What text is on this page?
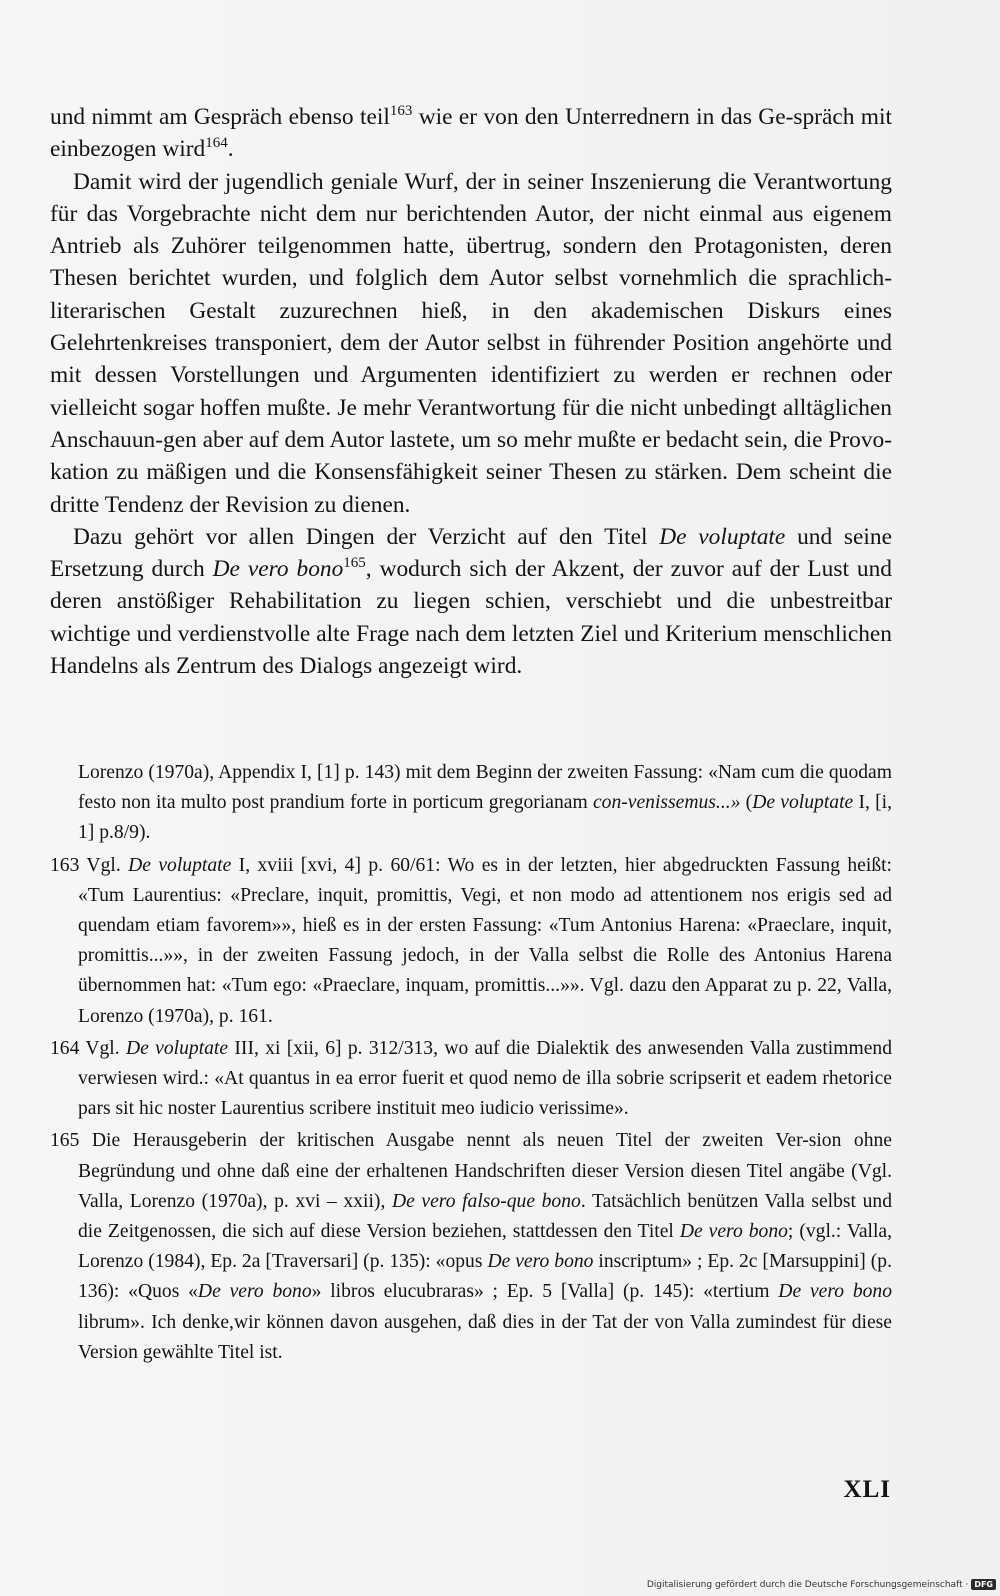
und nimmt am Gespräch ebenso teil$^{163}$ wie er von den Unterrednern in das Ge-spräch mit einbezogen wird$^{164}$.

Damit wird der jugendlich geniale Wurf, der in seiner Inszenierung die Verantwortung für das Vorgebrachte nicht dem nur berichtenden Autor, der nicht einmal aus eigenem Antrieb als Zuhörer teilgenommen hatte, übertrug, sondern den Protagonisten, deren Thesen berichtet wurden, und folglich dem Autor selbst vornehmlich die sprachlich-literarischen Gestalt zuzurechnen hieß, in den akademischen Diskurs eines Gelehrtenkreises transponiert, dem der Autor selbst in führender Position angehörte und mit dessen Vorstellungen und Argumenten identifiziert zu werden er rechnen oder vielleicht sogar hoffen mußte. Je mehr Verantwortung für die nicht unbedingt alltäglichen Anschauun-gen aber auf dem Autor lastete, um so mehr mußte er bedacht sein, die Provo-kation zu mäßigen und die Konsensfähigkeit seiner Thesen zu stärken. Dem scheint die dritte Tendenz der Revision zu dienen.

Dazu gehört vor allen Dingen der Verzicht auf den Titel De voluptate und seine Ersetzung durch De vero bono$^{165}$, wodurch sich der Akzent, der zuvor auf der Lust und deren anstößiger Rehabilitation zu liegen schien, verschiebt und die unbestreitbar wichtige und verdienstvolle alte Frage nach dem letzten Ziel und Kriterium menschlichen Handelns als Zentrum des Dialogs angezeigt wird.

Lorenzo (1970a), Appendix I, [1] p. 143) mit dem Beginn der zweiten Fassung: «Nam cum die quodam festo non ita multo post prandium forte in porticum gregorianam con-venissemus...» (De voluptate I, [i, 1] p.8/9).

163 Vgl. De voluptate I, xviii [xvi, 4] p. 60/61: Wo es in der letzten, hier abgedruckten Fassung heißt: «Tum Laurentius: «Preclare, inquit, promittis, Vegi, et non modo ad attentionem nos erigis sed ad quendam etiam favorem»», hieß es in der ersten Fassung: «Tum Antonius Harena: «Praeclare, inquit, promittis...»», in der zweiten Fassung jedoch, in der Valla selbst die Rolle des Antonius Harena übernommen hat: «Tum ego: «Praeclare, inquam, promittis...»». Vgl. dazu den Apparat zu p. 22, Valla, Lorenzo (1970a), p. 161.

164 Vgl. De voluptate III, xi [xii, 6] p. 312/313, wo auf die Dialektik des anwesenden Valla zustimmend verwiesen wird.: «At quantus in ea error fuerit et quod nemo de illa sobrie scripserit et eadem rhetorice pars sit hic noster Laurentius scribere instituit meo iudicio verissime».

165 Die Herausgeberin der kritischen Ausgabe nennt als neuen Titel der zweiten Ver-sion ohne Begründung und ohne daß eine der erhaltenen Handschriften dieser Version diesen Titel angäbe (Vgl. Valla, Lorenzo (1970a), p. xvi – xxii), De vero falso-que bono. Tatsächlich benützen Valla selbst und die Zeitgenossen, die sich auf diese Version beziehen, stattdessen den Titel De vero bono; (vgl.: Valla, Lorenzo (1984), Ep. 2a [Traversari] (p. 135): «opus De vero bono inscriptum» ; Ep. 2c [Marsuppini] (p. 136): «Quos «De vero bono» libros elucubraras» ; Ep. 5 [Valla] (p. 145): «tertium De vero bono librum». Ich denke,wir können davon ausgehen, daß dies in der Tat der von Valla zumindest für diese Version gewählte Titel ist.

XLI
Digitalisierung gefördert durch die Deutsche Forschungsgemeinschaft · DFG
